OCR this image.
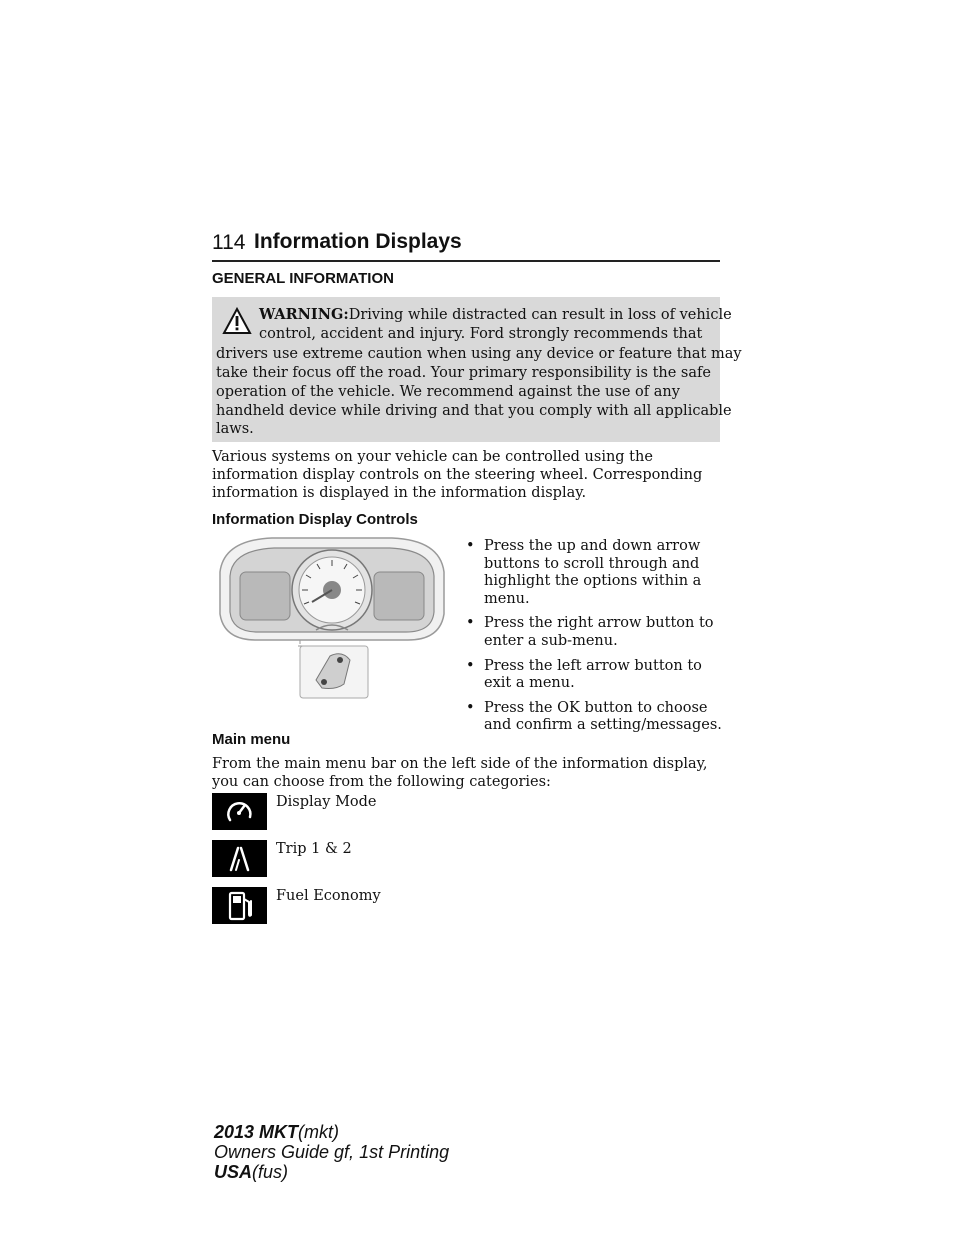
114 Information Displays
GENERAL INFORMATION
WARNING:Driving while distracted can result in loss of vehicle
control, accident and injury. Ford strongly recommends that
drivers use extreme caution when using any device or feature that may
take their focus off the road. Your primary responsibility is the safe
operation of the vehicle. We recommend against the use of any
handheld device while driving and that you comply with all applicable
laws.
Various systems on your vehicle can be controlled using the information display controls on the steering wheel. Corresponding information is displayed in the information display.
Information Display Controls
• Press the up and down arrow buttons to scroll through and highlight the options within a menu.
• Press the right arrow button to enter a sub-menu.
• Press the left arrow button to exit a menu.
• Press the OK button to choose and confirm a setting/messages.
Main menu
From the main menu bar on the left side of the information display, you can choose from the following categories:
Display Mode
Trip 1 & 2
Fuel Economy
2013 MKT(mkt)
Owners Guide gf, 1st Printing
USA(fus)
